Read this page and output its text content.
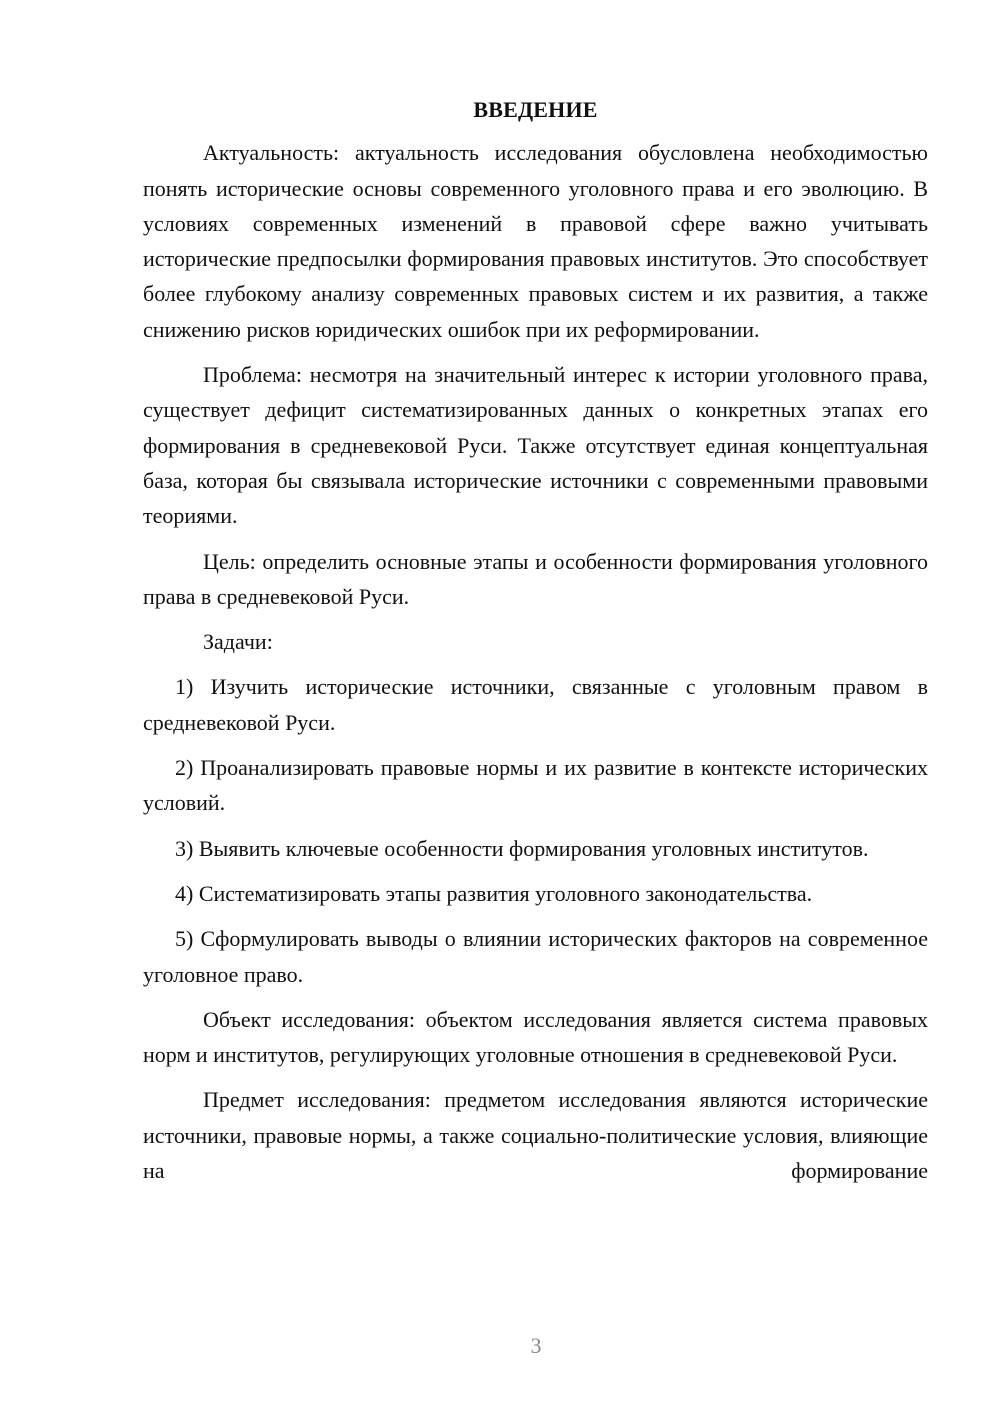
ВВЕДЕНИЕ

Актуальность: актуальность исследования обусловлена необходимостью понять исторические основы современного уголовного права и его эволюцию. В условиях современных изменений в правовой сфере важно учитывать исторические предпосылки формирования правовых институтов. Это способствует более глубокому анализу современных правовых систем и их развития, а также снижению рисков юридических ошибок при их реформировании.

Проблема: несмотря на значительный интерес к истории уголовного права, существует дефицит систематизированных данных о конкретных этапах его формирования в средневековой Руси. Также отсутствует единая концептуальная база, которая бы связывала исторические источники с современными правовыми теориями.

Цель: определить основные этапы и особенности формирования уголовного права в средневековой Руси.

Задачи:

1) Изучить исторические источники, связанные с уголовным правом в средневековой Руси.

2) Проанализировать правовые нормы и их развитие в контексте исторических условий.

3) Выявить ключевые особенности формирования уголовных институтов.

4) Систематизировать этапы развития уголовного законодательства.

5) Сформулировать выводы о влиянии исторических факторов на современное уголовное право.

Объект исследования: объектом исследования является система правовых норм и институтов, регулирующих уголовные отношения в средневековой Руси.

Предмет исследования: предметом исследования являются исторические источники, правовые нормы, а также социально-политические условия, влияющие на формирование

3
